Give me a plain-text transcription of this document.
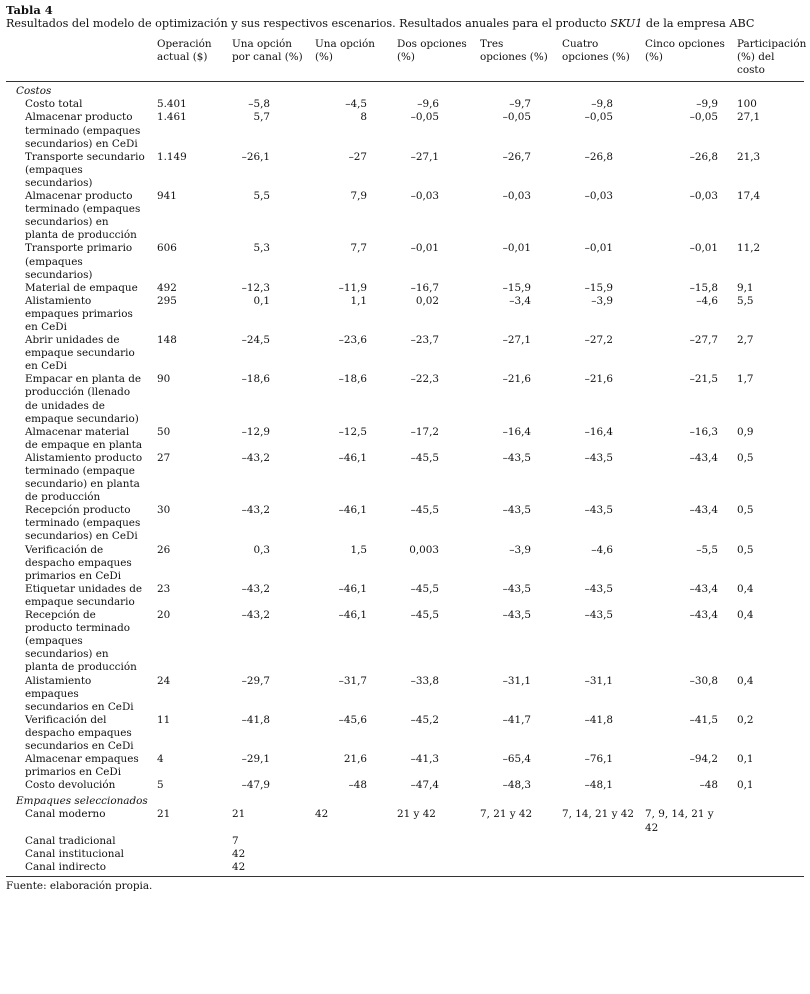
Tabla 4
Resultados del modelo de optimización y sus respectivos escenarios. Resultados anuales para el producto SKU1 de la empresa ABC
	Operación actual ($)	Una opción por canal (%)	Una opción (%)	Dos opciones (%)	Tres opciones (%)	Cuatro opciones (%)	Cinco opciones (%)	Participación (%) del costo
Costos								
Costo total	5.401	–5,8	–4,5	–9,6	–9,7	–9,8	–9,9	100
Almacenar producto terminado (empaques secundarios) en CeDi	1.461	5,7	8	–0,05	–0,05	–0,05	–0,05	27,1
Transporte secundario (empaques secundarios)	1.149	–26,1	–27	–27,1	–26,7	–26,8	–26,8	21,3
Almacenar producto terminado (empaques secundarios) en planta de producción	941	5,5	7,9	–0,03	–0,03	–0,03	–0,03	17,4
Transporte primario (empaques secundarios)	606	5,3	7,7	–0,01	–0,01	–0,01	–0,01	11,2
Material de empaque	492	–12,3	–11,9	–16,7	–15,9	–15,9	–15,8	9,1
Alistamiento empaques primarios en CeDi	295	0,1	1,1	0,02	–3,4	–3,9	–4,6	5,5
Abrir unidades de empaque secundario en CeDi	148	–24,5	–23,6	–23,7	–27,1	–27,2	–27,7	2,7
Empacar en planta de producción (llenado de unidades de empaque secundario)	90	–18,6	–18,6	–22,3	–21,6	–21,6	–21,5	1,7
Almacenar material de empaque en planta	50	–12,9	–12,5	–17,2	–16,4	–16,4	–16,3	0,9
Alistamiento producto terminado (empaque secundario) en planta de producción	27	–43,2	–46,1	–45,5	–43,5	–43,5	–43,4	0,5
Recepción producto terminado (empaques secundarios) en CeDi	30	–43,2	–46,1	–45,5	–43,5	–43,5	–43,4	0,5
Verificación de despacho empaques primarios en CeDi	26	0,3	1,5	0,003	–3,9	–4,6	–5,5	0,5
Etiquetar unidades de empaque secundario	23	–43,2	–46,1	–45,5	–43,5	–43,5	–43,4	0,4
Recepción de producto terminado (empaques secundarios) en planta de producción	20	–43,2	–46,1	–45,5	–43,5	–43,5	–43,4	0,4
Alistamiento empaques secundarios en CeDi	24	–29,7	–31,7	–33,8	–31,1	–31,1	–30,8	0,4
Verificación del despacho empaques secundarios en CeDi	11	–41,8	–45,6	–45,2	–41,7	–41,8	–41,5	0,2
Almacenar empaques primarios en CeDi	4	–29,1	21,6	–41,3	–65,4	–76,1	–94,2	0,1
Costo devolución	5	–47,9	–48	–47,4	–48,3	–48,1	–48	0,1
Empaques seleccionados								
Canal moderno	21	21	42	21 y 42	7, 21 y 42	7, 14, 21 y 42	7, 9, 14, 21 y 42	
Canal tradicional		7						
Canal institucional		42						
Canal indirecto		42						
Fuente: elaboración propia.
